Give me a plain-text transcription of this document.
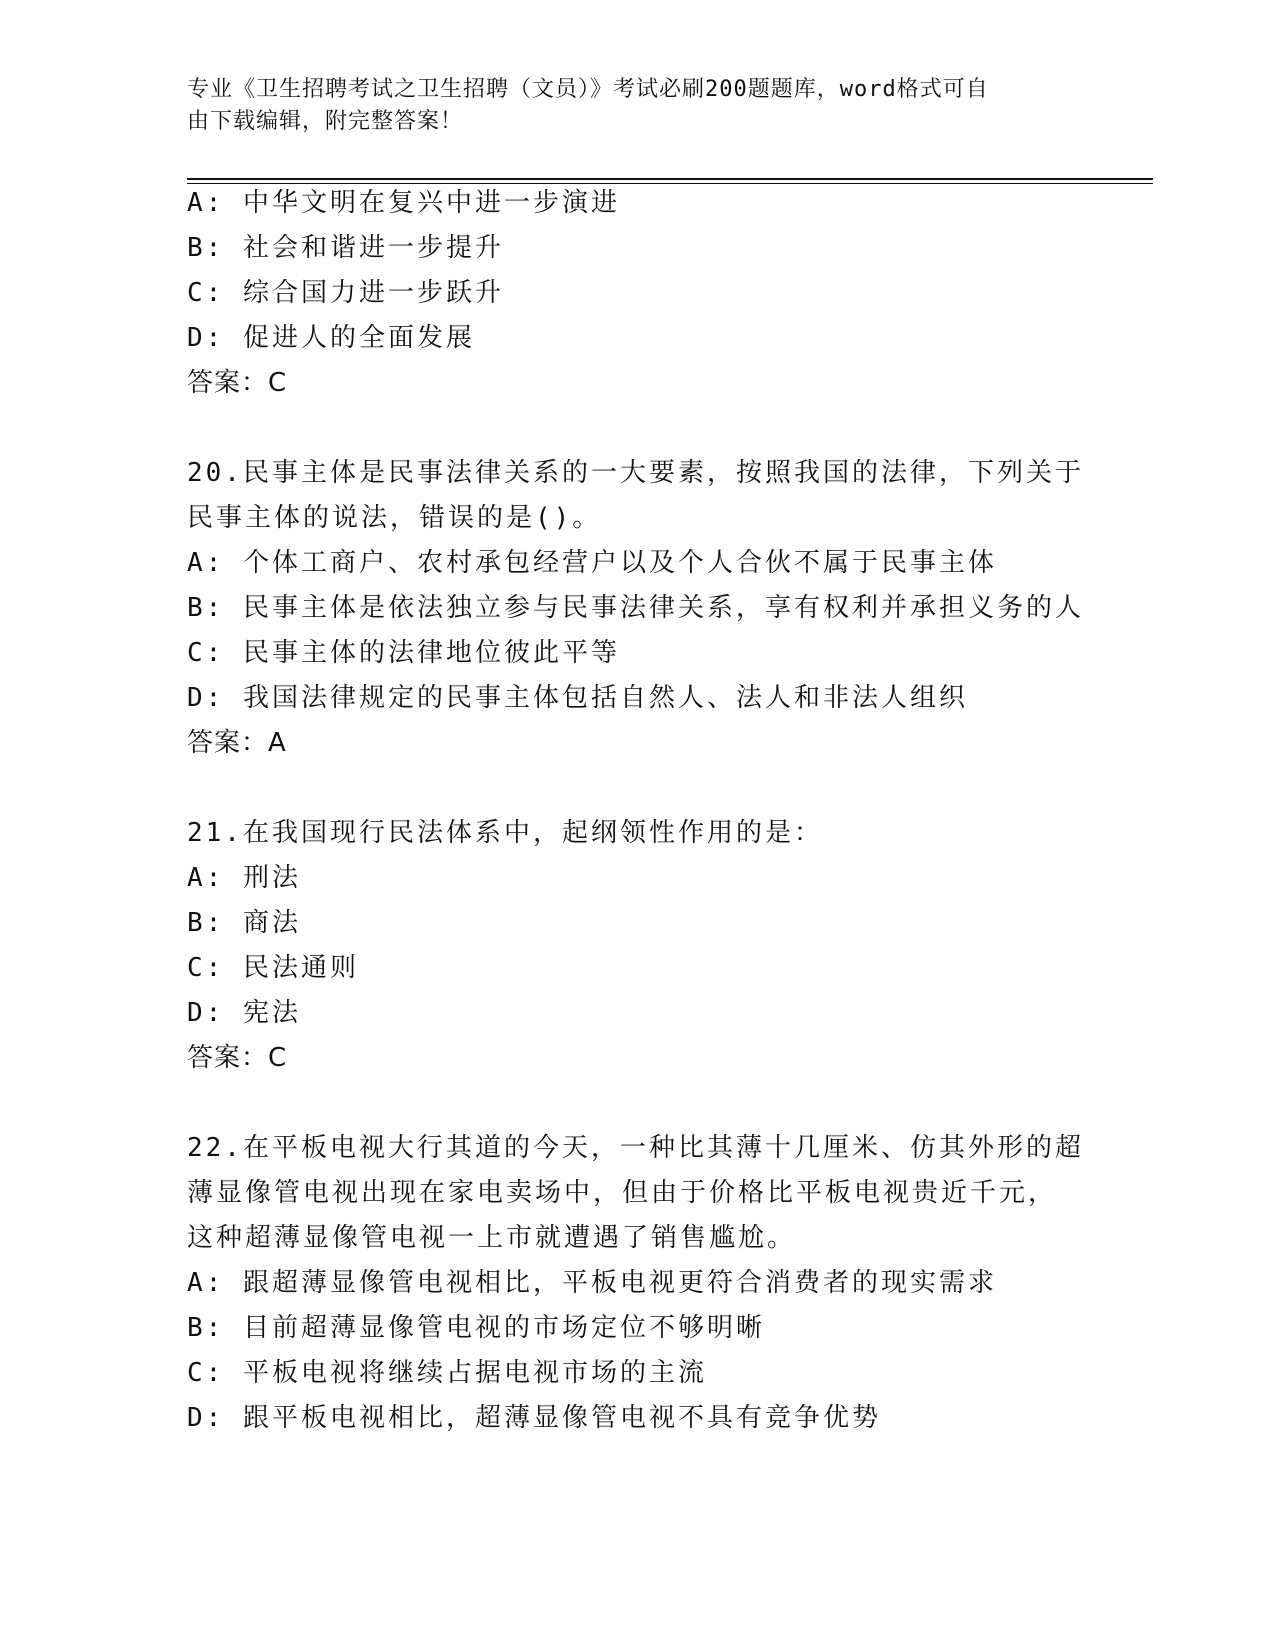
专业《卫生招聘考试之卫生招聘（文员）》考试必刷200题题库，word格式可自
由下载编辑，附完整答案！
A: 中华文明在复兴中进一步演进
B: 社会和谐进一步提升
C: 综合国力进一步跃升
D: 促进人的全面发展
答案：C
20.民事主体是民事法律关系的一大要素，按照我国的法律，下列关于
民事主体的说法，错误的是()。
A: 个体工商户、农村承包经营户以及个人合伙不属于民事主体
B: 民事主体是依法独立参与民事法律关系，享有权利并承担义务的人
C: 民事主体的法律地位彼此平等
D: 我国法律规定的民事主体包括自然人、法人和非法人组织
答案：A
21.在我国现行民法体系中，起纲领性作用的是：
A: 刑法
B: 商法
C: 民法通则
D: 宪法
答案：C
22.在平板电视大行其道的今天，一种比其薄十几厘米、仿其外形的超
薄显像管电视出现在家电卖场中，但由于价格比平板电视贵近千元，
这种超薄显像管电视一上市就遭遇了销售尴尬。
A: 跟超薄显像管电视相比，平板电视更符合消费者的现实需求
B: 目前超薄显像管电视的市场定位不够明晰
C: 平板电视将继续占据电视市场的主流
D: 跟平板电视相比，超薄显像管电视不具有竞争优势
